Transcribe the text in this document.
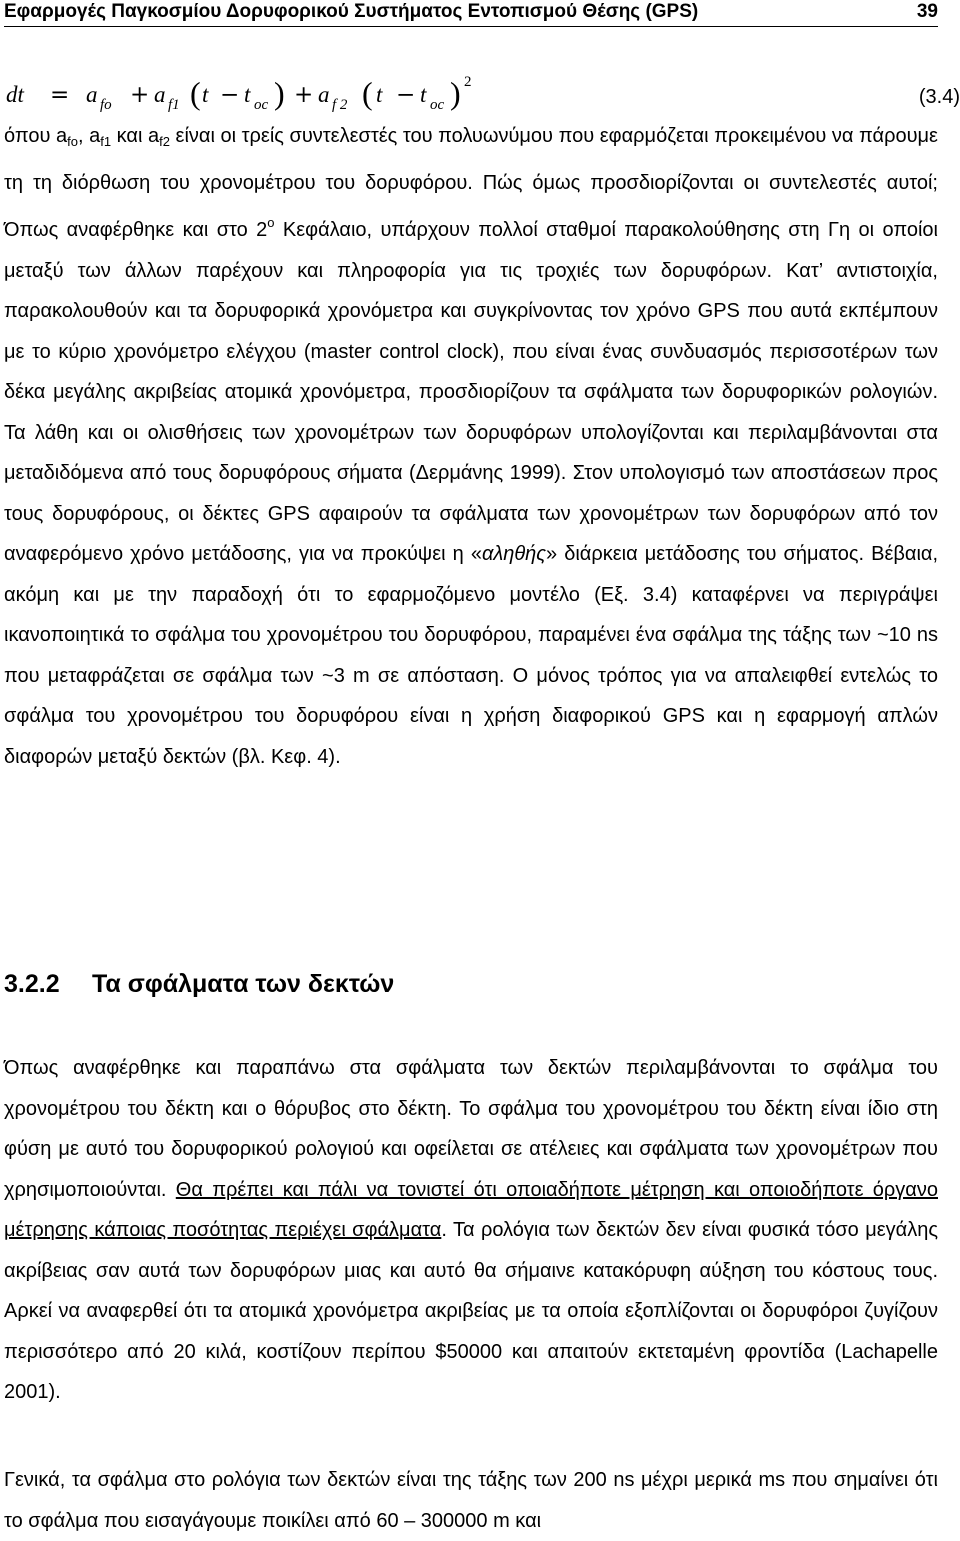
Εφαρμογές Παγκοσμίου Δορυφορικού Συστήματος Εντοπισμού Θέσης (GPS)	39
dt = a fo + a f1 ( t − t oc ) + a f 2 ( t − t oc ) 2
(3.4)
όπου $a_{fo}$, $a_{f1}$ και $a_{f2}$ είναι οι τρείς συντελεστές του πολυωνύμου που εφαρμόζεται προκειμένου να πάρουμε τη τη διόρθωση του χρονομέτρου του δορυφόρου. Πώς όμως προσδιορίζονται οι συντελεστές αυτοί; Όπως αναφέρθηκε και στο $2^o$ Κεφάλαιο, υπάρχουν πολλοί σταθμοί παρακολούθησης στη Γη οι οποίοι μεταξύ των άλλων παρέχουν και πληροφορία για τις τροχιές των δορυφόρων. Κατ’ αντιστοιχία, παρακολουθούν και τα δορυφορικά χρονόμετρα και συγκρίνοντας τον χρόνο GPS που αυτά εκπέμπουν με το κύριο χρονόμετρο ελέγχου (master control clock), που είναι ένας συνδυασμός περισσοτέρων των δέκα μεγάλης ακριβείας ατομικά χρονόμετρα, προσδιορίζουν τα σφάλματα των δορυφορικών ρολογιών. Τα λάθη και οι ολισθήσεις των χρονομέτρων των δορυφόρων υπολογίζονται και περιλαμβάνονται στα μεταδιδόμενα από τους δορυφόρους σήματα (Δερμάνης 1999). Στον υπολογισμό των αποστάσεων προς τους δορυφόρους, οι δέκτες GPS αφαιρούν τα σφάλματα των χρονομέτρων των δορυφόρων από τον αναφερόμενο χρόνο μετάδοσης, για να προκύψει η «αληθής» διάρκεια μετάδοσης του σήματος. Βέβαια, ακόμη και με την παραδοχή ότι το εφαρμοζόμενο μοντέλο (Εξ. 3.4) καταφέρνει να περιγράψει ικανοποιητικά το σφάλμα του χρονομέτρου του δορυφόρου, παραμένει ένα σφάλμα της τάξης των ~10 ns που μεταφράζεται σε σφάλμα των ~3 m σε απόσταση. Ο μόνος τρόπος για να απαλειφθεί εντελώς το σφάλμα του χρονομέτρου του δορυφόρου είναι η χρήση διαφορικού GPS και η εφαρμογή απλών διαφορών μεταξύ δεκτών (βλ. Κεφ. 4).
3.2.2 Τα σφάλματα των δεκτών
Όπως αναφέρθηκε και παραπάνω στα σφάλματα των δεκτών περιλαμβάνονται το σφάλμα του χρονομέτρου του δέκτη και ο θόρυβος στο δέκτη. Το σφάλμα του χρονομέτρου του δέκτη είναι ίδιο στη φύση με αυτό του δορυφορικού ρολογιού και οφείλεται σε ατέλειες και σφάλματα των χρονομέτρων που χρησιμοποιούνται. Θα πρέπει και πάλι να τονιστεί ότι οποιαδήποτε μέτρηση και οποιοδήποτε όργανο μέτρησης κάποιας ποσότητας περιέχει σφάλματα. Τα ρολόγια των δεκτών δεν είναι φυσικά τόσο μεγάλης ακρίβειας σαν αυτά των δορυφόρων μιας και αυτό θα σήμαινε κατακόρυφη αύξηση του κόστους τους. Αρκεί να αναφερθεί ότι τα ατομικά χρονόμετρα ακριβείας με τα οποία εξοπλίζονται οι δορυφόροι ζυγίζουν περισσότερο από 20 κιλά, κοστίζουν περίπου $50000 και απαιτούν εκτεταμένη φροντίδα (Lachapelle 2001).
Γενικά, τα σφάλμα στο ρολόγια των δεκτών είναι της τάξης των 200 ns μέχρι μερικά ms που σημαίνει ότι το σφάλμα που εισαγάγουμε ποικίλει από 60 – 300000 m και
